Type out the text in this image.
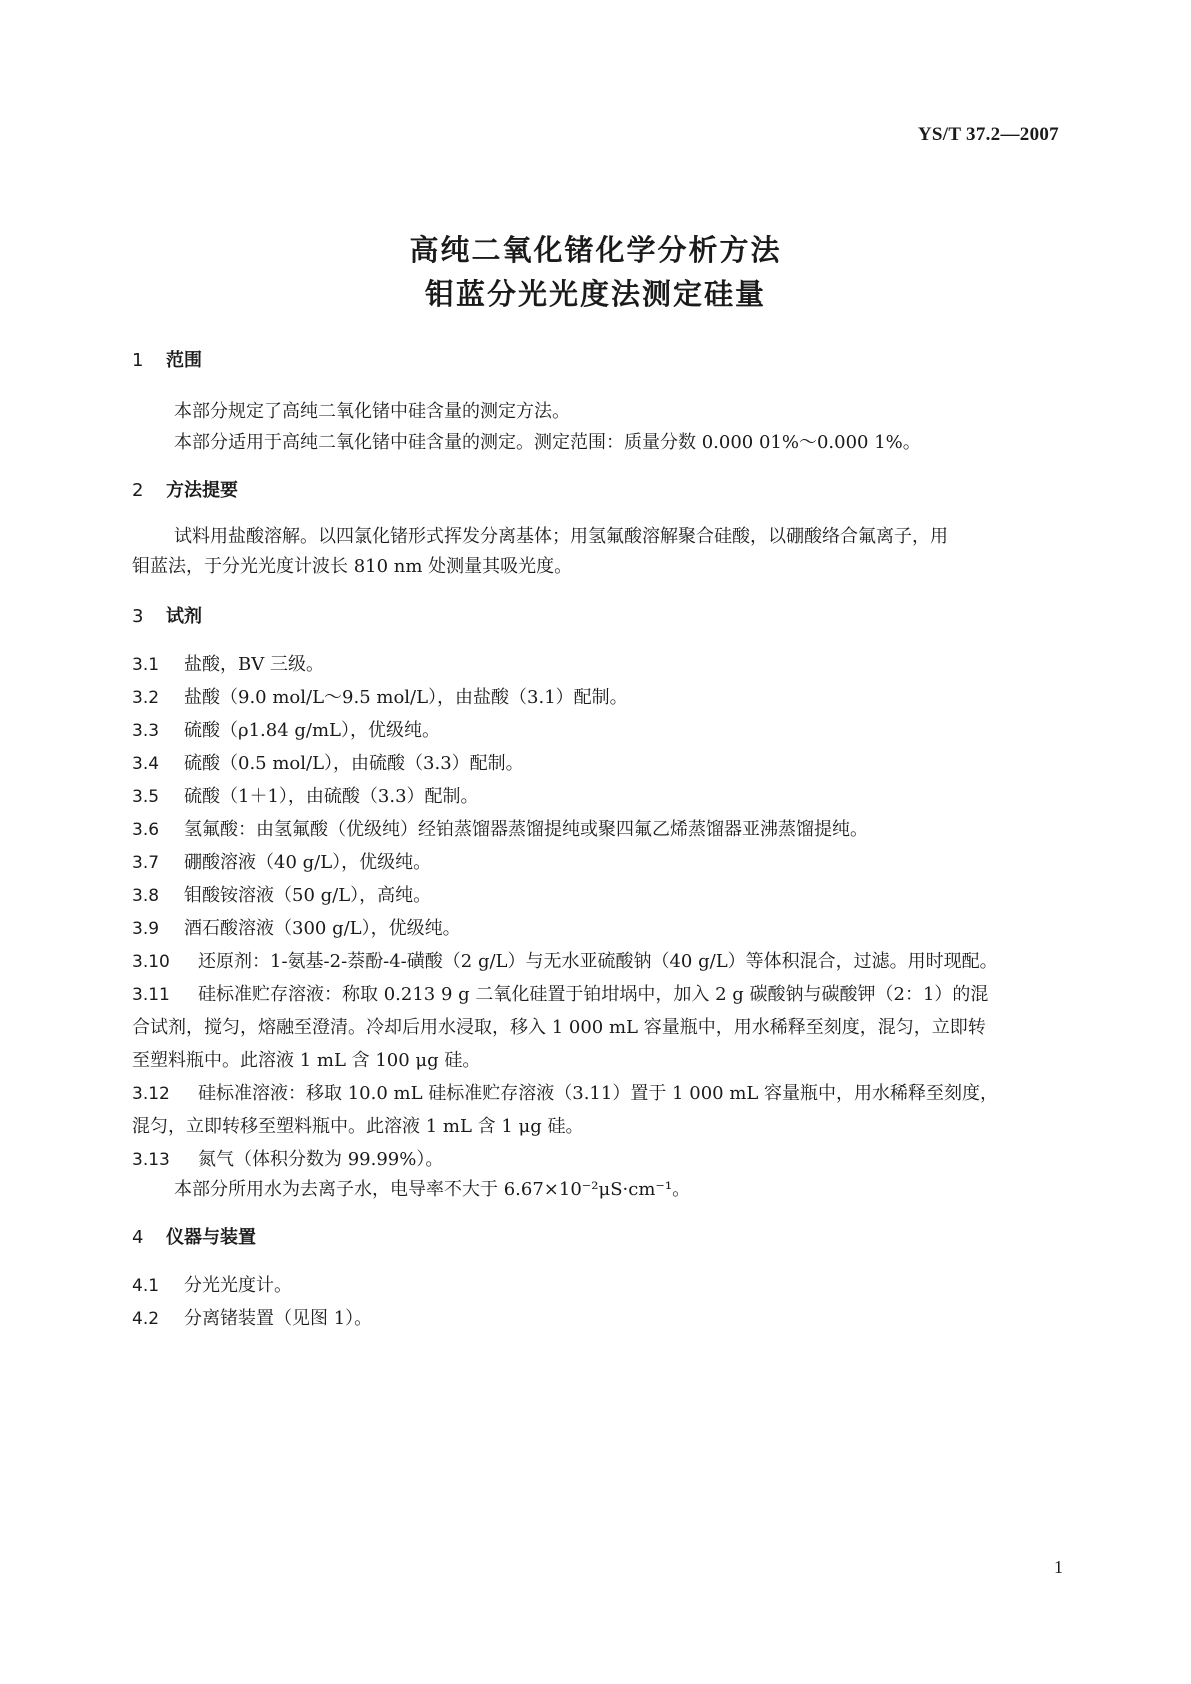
YS/T 37.2—2007
高纯二氧化锗化学分析方法
钼蓝分光光度法测定硅量
1 范围
本部分规定了高纯二氧化锗中硅含量的测定方法。
本部分适用于高纯二氧化锗中硅含量的测定。测定范围：质量分数 0.000 01%～0.000 1%。
2 方法提要
试料用盐酸溶解。以四氯化锗形式挥发分离基体；用氢氟酸溶解聚合硅酸，以硼酸络合氟离子，用
钼蓝法，于分光光度计波长 810 nm 处测量其吸光度。
3 试剂
3.1 盐酸，BV 三级。
3.2 盐酸（9.0 mol/L～9.5 mol/L），由盐酸（3.1）配制。
3.3 硫酸（ρ1.84 g/mL），优级纯。
3.4 硫酸（0.5 mol/L），由硫酸（3.3）配制。
3.5 硫酸（1＋1），由硫酸（3.3）配制。
3.6 氢氟酸：由氢氟酸（优级纯）经铂蒸馏器蒸馏提纯或聚四氟乙烯蒸馏器亚沸蒸馏提纯。
3.7 硼酸溶液（40 g/L），优级纯。
3.8 钼酸铵溶液（50 g/L），高纯。
3.9 酒石酸溶液（300 g/L），优级纯。
3.10 还原剂：1-氨基-2-萘酚-4-磺酸（2 g/L）与无水亚硫酸钠（40 g/L）等体积混合，过滤。用时现配。
3.11 硅标准贮存溶液：称取 0.213 9 g 二氧化硅置于铂坩埚中，加入 2 g 碳酸钠与碳酸钾（2：1）的混
合试剂，搅匀，熔融至澄清。冷却后用水浸取，移入 1 000 mL 容量瓶中，用水稀释至刻度，混匀，立即转
至塑料瓶中。此溶液 1 mL 含 100 μg 硅。
3.12 硅标准溶液：移取 10.0 mL 硅标准贮存溶液（3.11）置于 1 000 mL 容量瓶中，用水稀释至刻度，
混匀，立即转移至塑料瓶中。此溶液 1 mL 含 1 μg 硅。
3.13 氮气（体积分数为 99.99%）。
本部分所用水为去离子水，电导率不大于 6.67×10⁻²μS·cm⁻¹。
4 仪器与装置
4.1 分光光度计。
4.2 分离锗装置（见图 1）。
1
